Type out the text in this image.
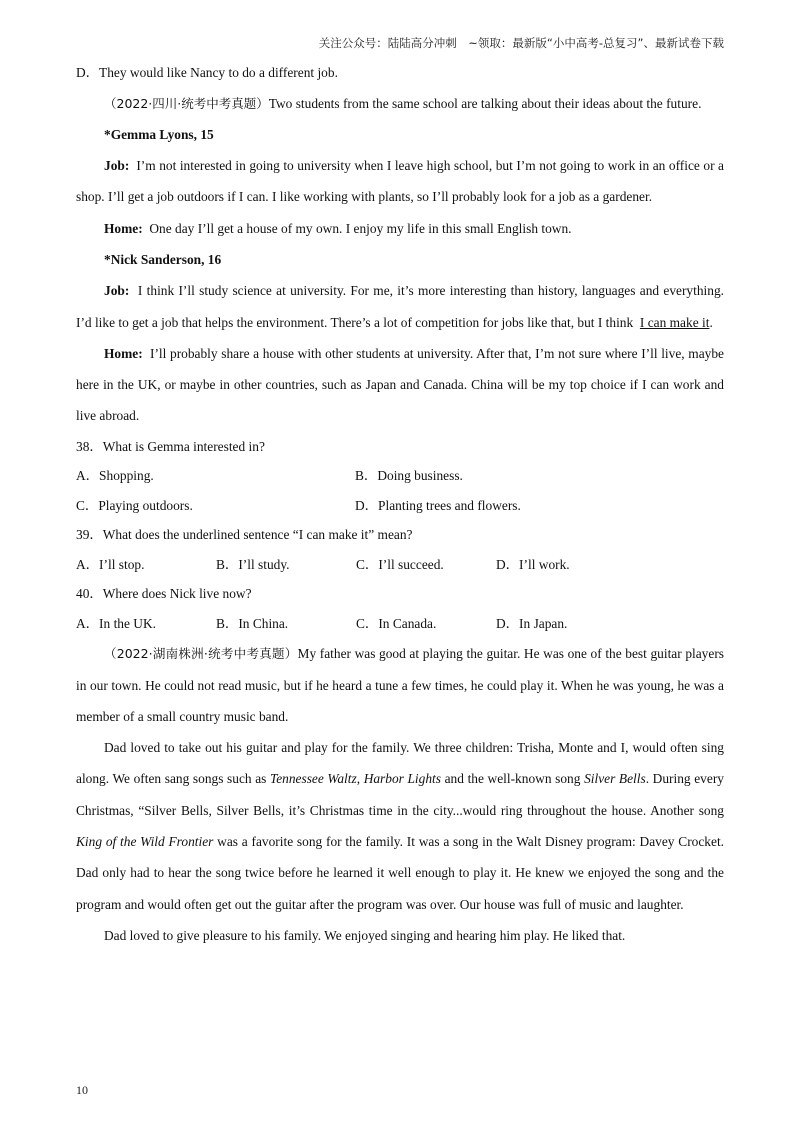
关注公众号：陆陆高分冲刺　~领取：最新版“小中高考-总复习”、最新试卷下载

D．They would like Nancy to do a different job.

（2022·四川·统考中考真题）Two students from the same school are talking about their ideas about the future.

*Gemma Lyons, 15

Job: I’m not interested in going to university when I leave high school, but I’m not going to work in an office or a shop. I’ll get a job outdoors if I can. I like working with plants, so I’ll probably look for a job as a gardener.

Home: One day I’ll get a house of my own. I enjoy my life in this small English town.

*Nick Sanderson, 16

Job: I think I’ll study science at university. For me, it’s more interesting than history, languages and everything. I’d like to get a job that helps the environment. There’s a lot of competition for jobs like that, but I think I can make it.

Home: I’ll probably share a house with other students at university. After that, I’m not sure where I’ll live, maybe here in the UK, or maybe in other countries, such as Japan and Canada. China will be my top choice if I can work and live abroad.

38．What is Gemma interested in?

A．Shopping.	B．Doing business.
C．Playing outdoors.	D．Planting trees and flowers.

39．What does the underlined sentence “I can make it” mean?

A．I’ll stop.	B．I’ll study.	C．I’ll succeed.	D．I’ll work.

40．Where does Nick live now?

A．In the UK.	B．In China.	C．In Canada.	D．In Japan.

（2022·湖南株洲·统考中考真题）My father was good at playing the guitar. He was one of the best guitar players in our town. He could not read music, but if he heard a tune a few times, he could play it. When he was young, he was a member of a small country music band.

Dad loved to take out his guitar and play for the family. We three children: Trisha, Monte and I, would often sing along. We often sang songs such as Tennessee Waltz, Harbor Lights and the well-known song Silver Bells. During every Christmas, “Silver Bells, Silver Bells, it’s Christmas time in the city...would ring throughout the house. Another song King of the Wild Frontier was a favorite song for the family. It was a song in the Walt Disney program: Davey Crocket. Dad only had to hear the song twice before he learned it well enough to play it. He knew we enjoyed the song and the program and would often get out the guitar after the program was over. Our house was full of music and laughter.

Dad loved to give pleasure to his family. We enjoyed singing and hearing him play. He liked that.

10
